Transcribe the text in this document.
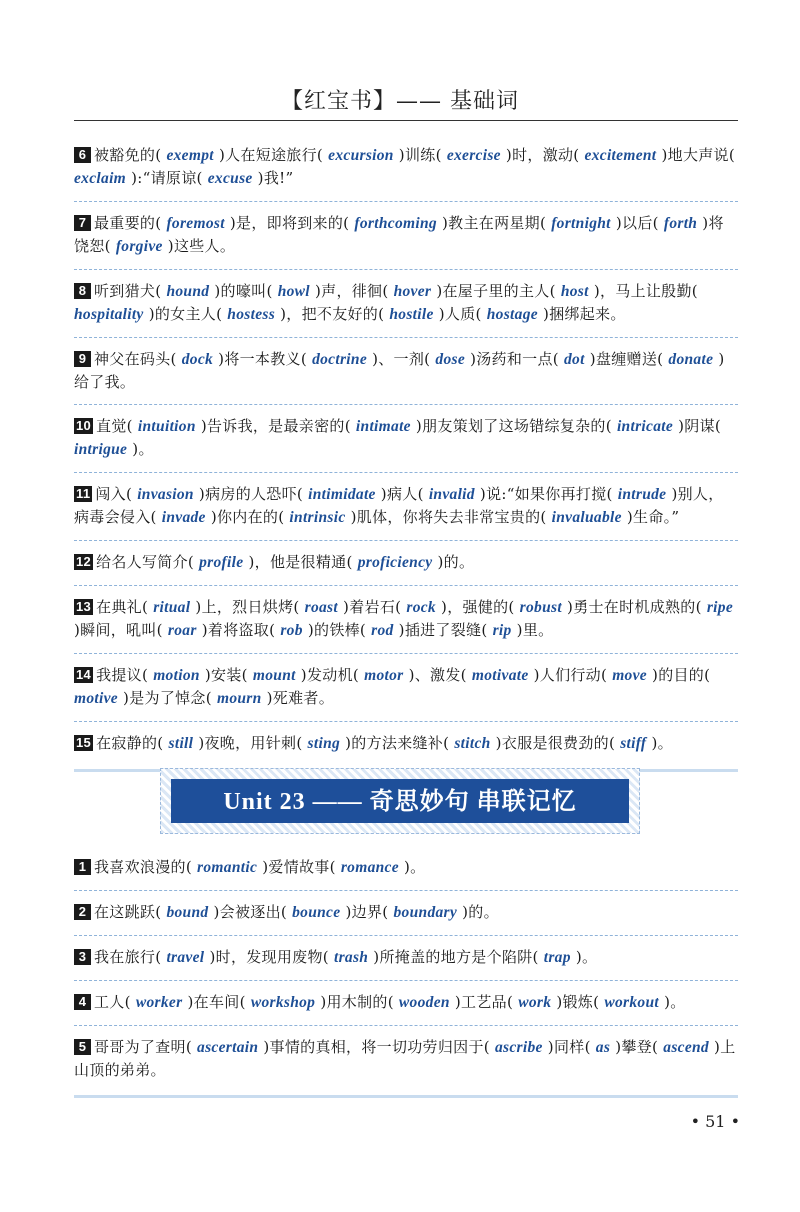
【红宝书】—— 基础词
6 被豁免的( exempt )人在短途旅行( excursion )训练( exercise )时，激动( excitement )地大声说( exclaim ):“请原谅( excuse )我!”
7 最重要的( foremost )是，即将到来的( forthcoming )教主在两星期( fortnight )以后( forth )将饶恕( forgive )这些人。
8 听到猎犬( hound )的嚎叫( howl )声，徘徊( hover )在屋子里的主人( host )，马上让殷勤( hospitality )的女主人( hostess )，把不友好的( hostile )人质( hostage )捆绑起来。
9 神父在码头( dock )将一本教义( doctrine )、一剂( dose )汤药和一点( dot )盘缠赠送( donate )给了我。
10 直觉( intuition )告诉我，是最亲密的( intimate )朋友策划了这场错综复杂的( intricate )阴谋( intrigue )。
11 闯入( invasion )病房的人恐吓( intimidate )病人( invalid )说:“如果你再打搅( intrude )别人，病毒会侵入( invade )你内在的( intrinsic )肌体，你将失去非常宝贵的( invaluable )生命。”
12 给名人写简介( profile )，他是很精通( proficiency )的。
13 在典礼( ritual )上，烈日烘烤( roast )着岩石( rock )，强健的( robust )勇士在时机成熟的( ripe )瞬间，吼叫( roar )着将盗取( rob )的铁棒( rod )插进了裂缝( rip )里。
14 我提议( motion )安装( mount )发动机( motor )、激发( motivate )人们行动( move )的目的( motive )是为了悼念( mourn )死难者。
15 在寂静的( still )夜晚，用针刺( sting )的方法来缝补( stitch )衣服是很费劲的( stiff )。
Unit 23 —— 奇思妙句 串联记忆
1 我喜欢浪漫的( romantic )爱情故事( romance )。
2 在这跳跃( bound )会被逐出( bounce )边界( boundary )的。
3 我在旅行( travel )时，发现用废物( trash )所掩盖的地方是个陷阱( trap )。
4 工人( worker )在车间( workshop )用木制的( wooden )工艺品( work )锻炼( workout )。
5 哥哥为了查明( ascertain )事情的真相，将一切功劳归因于( ascribe )同样( as )攀登( ascend )上山顶的弟弟。
• 51 •
